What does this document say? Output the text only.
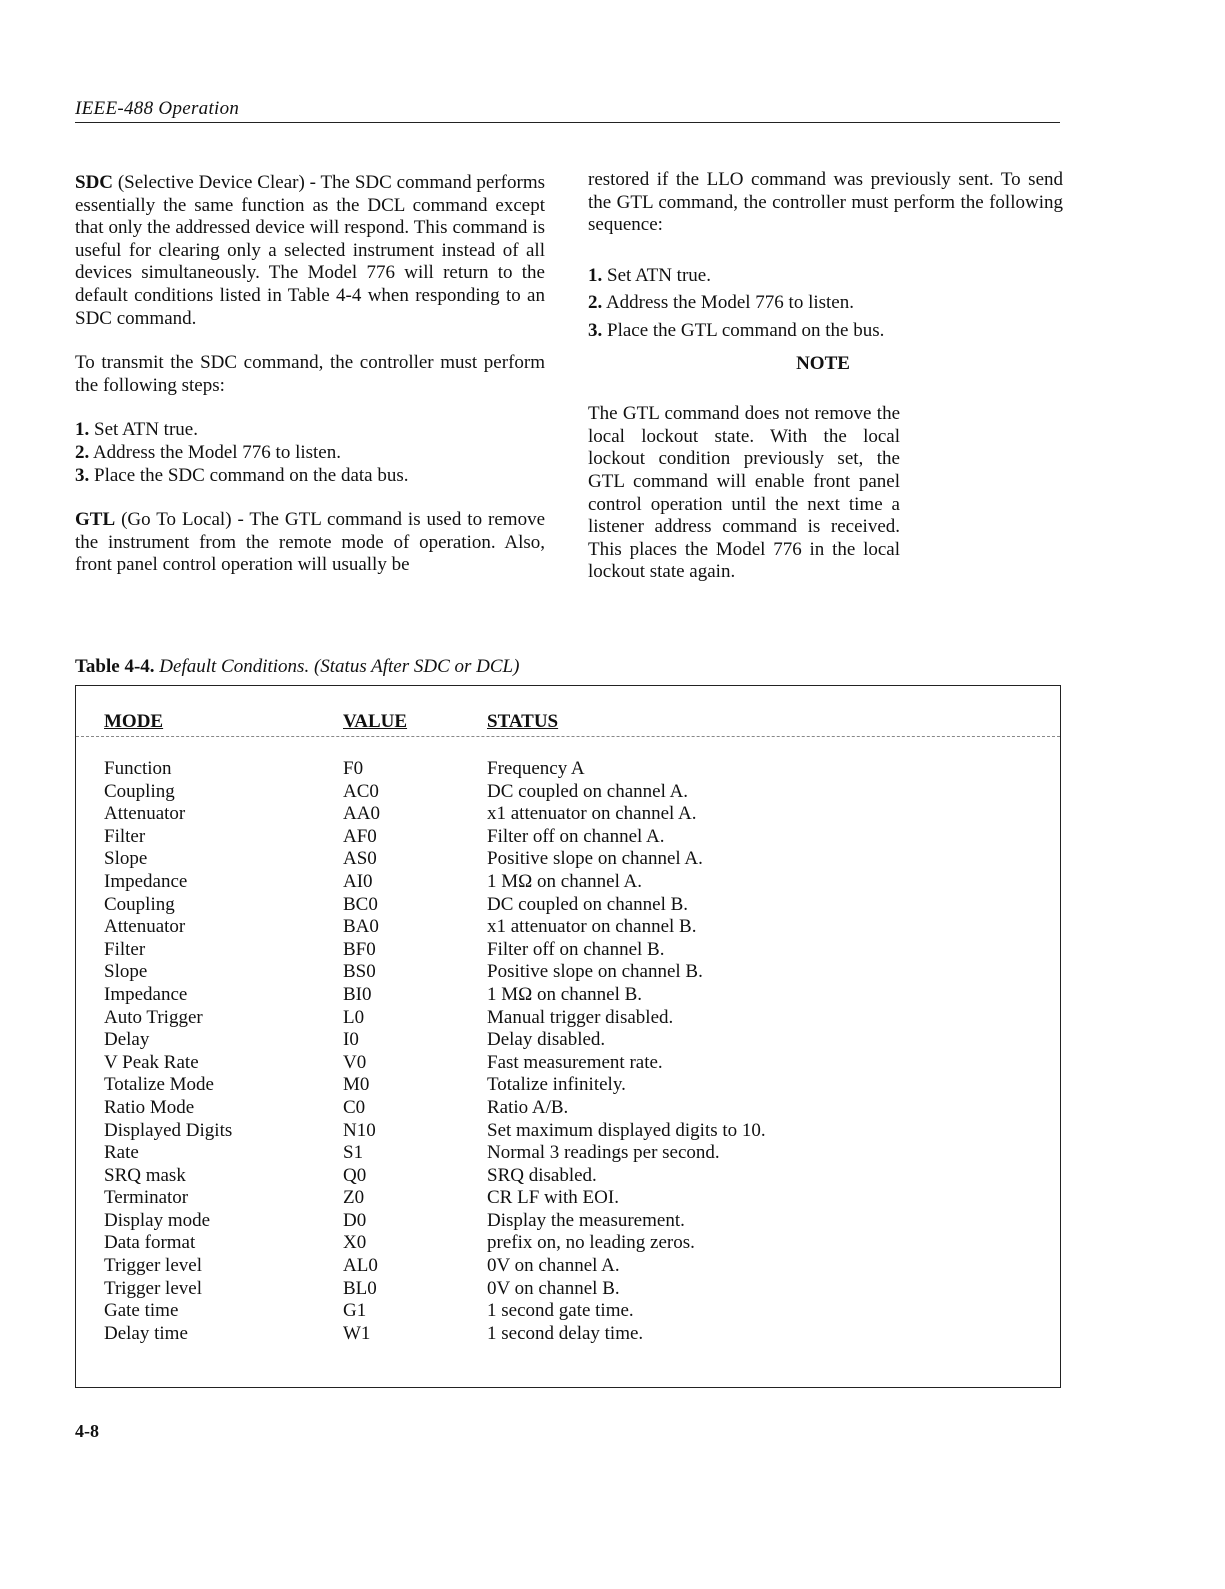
IEEE-488 Operation

SDC (Selective Device Clear) - The SDC command performs essentially the same function as the DCL command except that only the addressed device will respond. This command is useful for clearing only a selected instrument instead of all devices simultaneously. The Model 776 will return to the default conditions listed in Table 4-4 when responding to an SDC command.

To transmit the SDC command, the controller must perform the following steps:

1. Set ATN true.
2. Address the Model 776 to listen.
3. Place the SDC command on the data bus.

GTL (Go To Local) - The GTL command is used to remove the instrument from the remote mode of operation. Also, front panel control operation will usually be

restored if the LLO command was previously sent. To send the GTL command, the controller must perform the following sequence:

1. Set ATN true.
2. Address the Model 776 to listen.
3. Place the GTL command on the bus.
NOTE

The GTL command does not remove the local lockout state. With the local lockout condition previously set, the GTL command will enable front panel control operation until the next time a listener address command is received. This places the Model 776 in the local lockout state again.

Table 4-4. Default Conditions. (Status After SDC or DCL)
MODE	VALUE	STATUS
Function	F0	Frequency A
Coupling	AC0	DC coupled on channel A.
Attenuator	AA0	x1 attenuator on channel A.
Filter	AF0	Filter off on channel A.
Slope	AS0	Positive slope on channel A.
Impedance	AI0	1 MΩ on channel A.
Coupling	BC0	DC coupled on channel B.
Attenuator	BA0	x1 attenuator on channel B.
Filter	BF0	Filter off on channel B.
Slope	BS0	Positive slope on channel B.
Impedance	BI0	1 MΩ on channel B.
Auto Trigger	L0	Manual trigger disabled.
Delay	I0	Delay disabled.
V Peak Rate	V0	Fast measurement rate.
Totalize Mode	M0	Totalize infinitely.
Ratio Mode	C0	Ratio A/B.
Displayed Digits	N10	Set maximum displayed digits to 10.
Rate	S1	Normal 3 readings per second.
SRQ mask	Q0	SRQ disabled.
Terminator	Z0	CR LF with EOI.
Display mode	D0	Display the measurement.
Data format	X0	prefix on, no leading zeros.
Trigger level	AL0	0V on channel A.
Trigger level	BL0	0V on channel B.
Gate time	G1	1 second gate time.
Delay time	W1	1 second delay time.
4-8
